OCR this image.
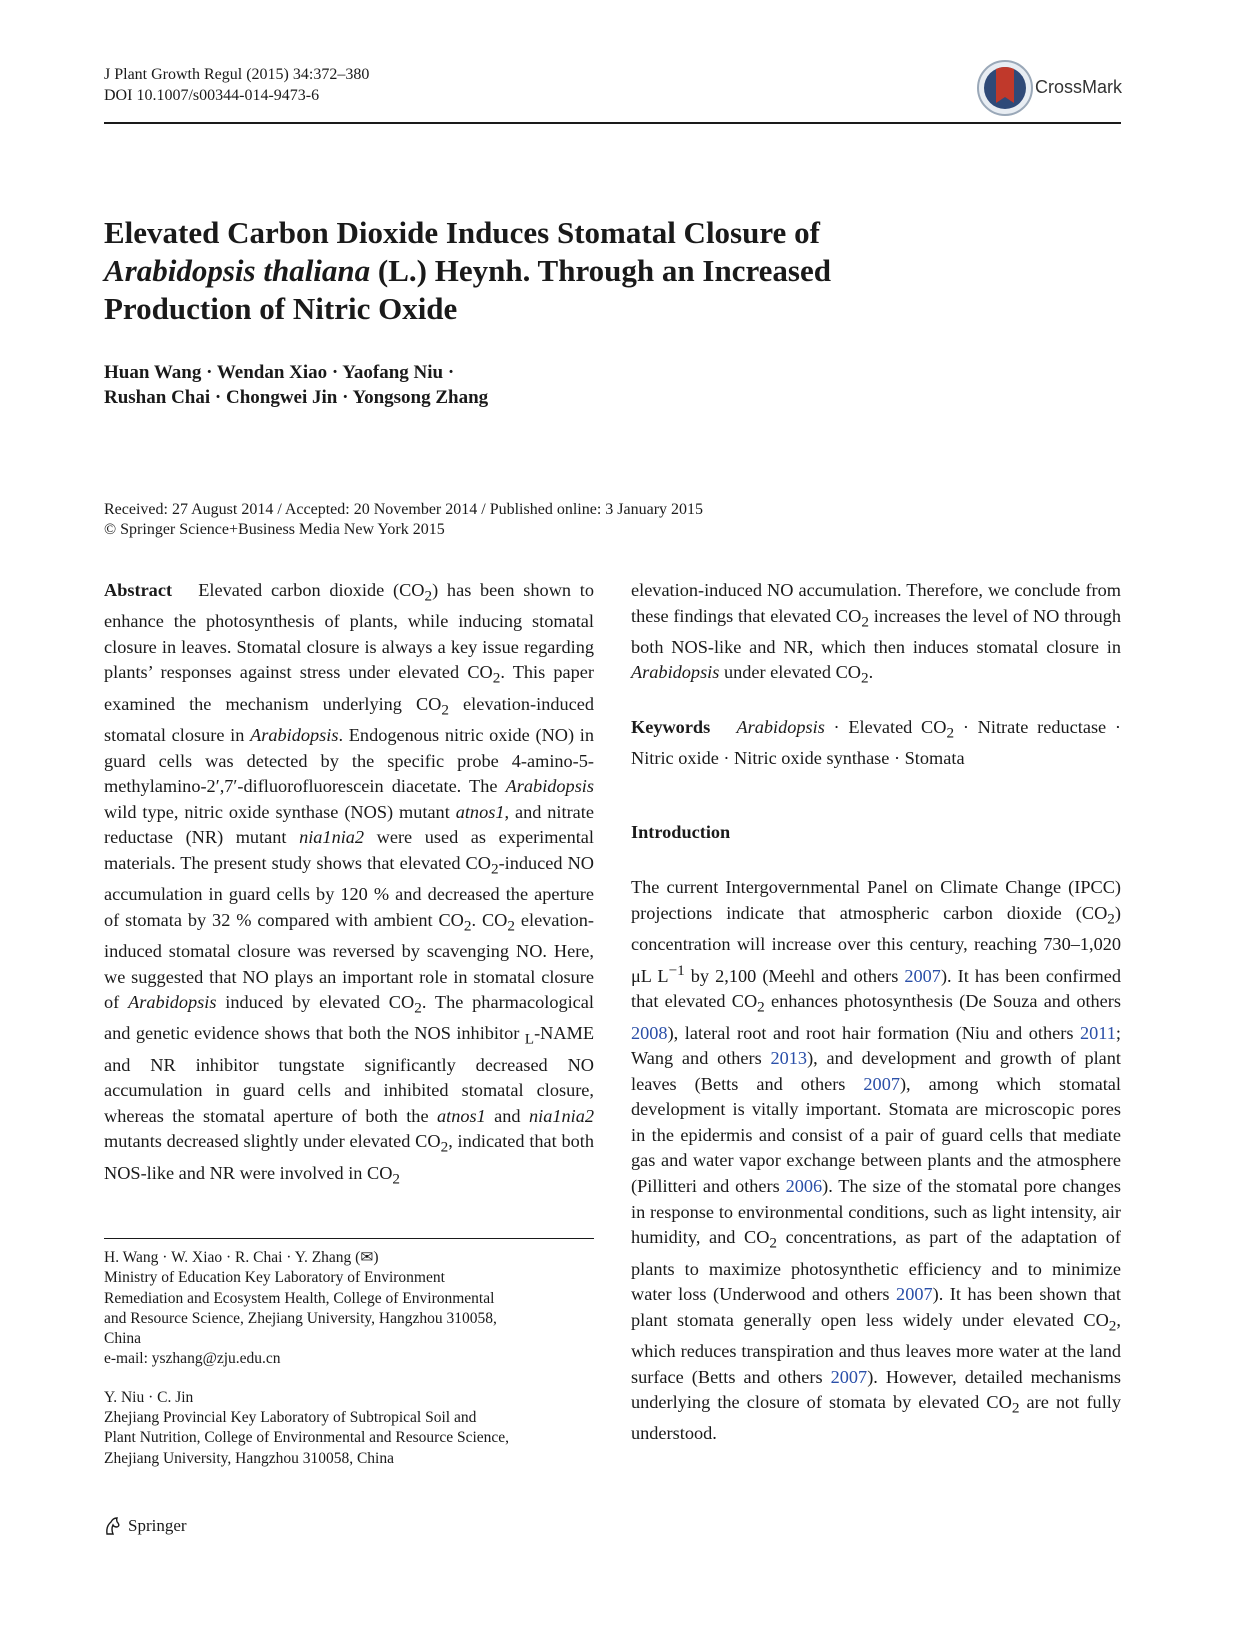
J Plant Growth Regul (2015) 34:372–380
DOI 10.1007/s00344-014-9473-6	CrossMark
Elevated Carbon Dioxide Induces Stomatal Closure of
Arabidopsis thaliana (L.) Heynh. Through an Increased
Production of Nitric Oxide
Huan Wang · Wendan Xiao · Yaofang Niu ·
Rushan Chai · Chongwei Jin · Yongsong Zhang
Received: 27 August 2014 / Accepted: 20 November 2014 / Published online: 3 January 2015
© Springer Science+Business Media New York 2015

Abstract Elevated carbon dioxide $(CO_2)$ has been shown to enhance the photosynthesis of plants, while inducing stomatal closure in leaves. Stomatal closure is always a key issue regarding plants’ responses against stress under elevated $CO_2$. This paper examined the mechanism underlying $CO_2$ elevation-induced stomatal closure in Arabidopsis. Endogenous nitric oxide (NO) in guard cells was detected by the specific probe 4-amino-5-methylamino-2′,7′-difluorofluorescein diacetate. The Arabidopsis wild type, nitric oxide synthase (NOS) mutant atnos1, and nitrate reductase (NR) mutant nia1nia2 were used as experimental materials. The present study shows that elevated $CO_2$-induced NO accumulation in guard cells by 120 % and decreased the aperture of stomata by 32 % compared with ambient $CO_2$. $CO_2$ elevation-induced stomatal closure was reversed by scavenging NO. Here, we suggested that NO plays an important role in stomatal closure of Arabidopsis induced by elevated $CO_2$. The pharmacological and genetic evidence shows that both the NOS inhibitor $_L$-NAME and NR inhibitor tungstate significantly decreased NO accumulation in guard cells and inhibited stomatal closure, whereas the stomatal aperture of both the atnos1 and nia1nia2 mutants decreased slightly under elevated $CO_2$, indicated that both NOS-like and NR were involved in $CO_2$

elevation-induced NO accumulation. Therefore, we conclude from these findings that elevated $CO_2$ increases the level of NO through both NOS-like and NR, which then induces stomatal closure in Arabidopsis under elevated $CO_2$.

Keywords Arabidopsis · Elevated $CO_2$ · Nitrate reductase · Nitric oxide · Nitric oxide synthase · Stomata

Introduction

The current Intergovernmental Panel on Climate Change (IPCC) projections indicate that atmospheric carbon dioxide $(CO_2)$ concentration will increase over this century, reaching 730–1,020 μL $L^{-1}$ by 2,100 (Meehl and others 2007). It has been confirmed that elevated $CO_2$ enhances photosynthesis (De Souza and others 2008), lateral root and root hair formation (Niu and others 2011; Wang and others 2013), and development and growth of plant leaves (Betts and others 2007), among which stomatal development is vitally important. Stomata are microscopic pores in the epidermis and consist of a pair of guard cells that mediate gas and water vapor exchange between plants and the atmosphere (Pillitteri and others 2006). The size of the stomatal pore changes in response to environmental conditions, such as light intensity, air humidity, and $CO_2$ concentrations, as part of the adaptation of plants to maximize photosynthetic efficiency and to minimize water loss (Underwood and others 2007). It has been shown that plant stomata generally open less widely under elevated $CO_2$, which reduces transpiration and thus leaves more water at the land surface (Betts and others 2007). However, detailed mechanisms underlying the closure of stomata by elevated $CO_2$ are not fully understood.

H. Wang · W. Xiao · R. Chai · Y. Zhang (✉)

Ministry of Education Key Laboratory of Environment

Remediation and Ecosystem Health, College of Environmental

and Resource Science, Zhejiang University, Hangzhou 310058,

China

e-mail: yszhang@zju.edu.cn

Y. Niu · C. Jin

Zhejiang Provincial Key Laboratory of Subtropical Soil and

Plant Nutrition, College of Environmental and Resource Science,

Zhejiang University, Hangzhou 310058, China

Springer
